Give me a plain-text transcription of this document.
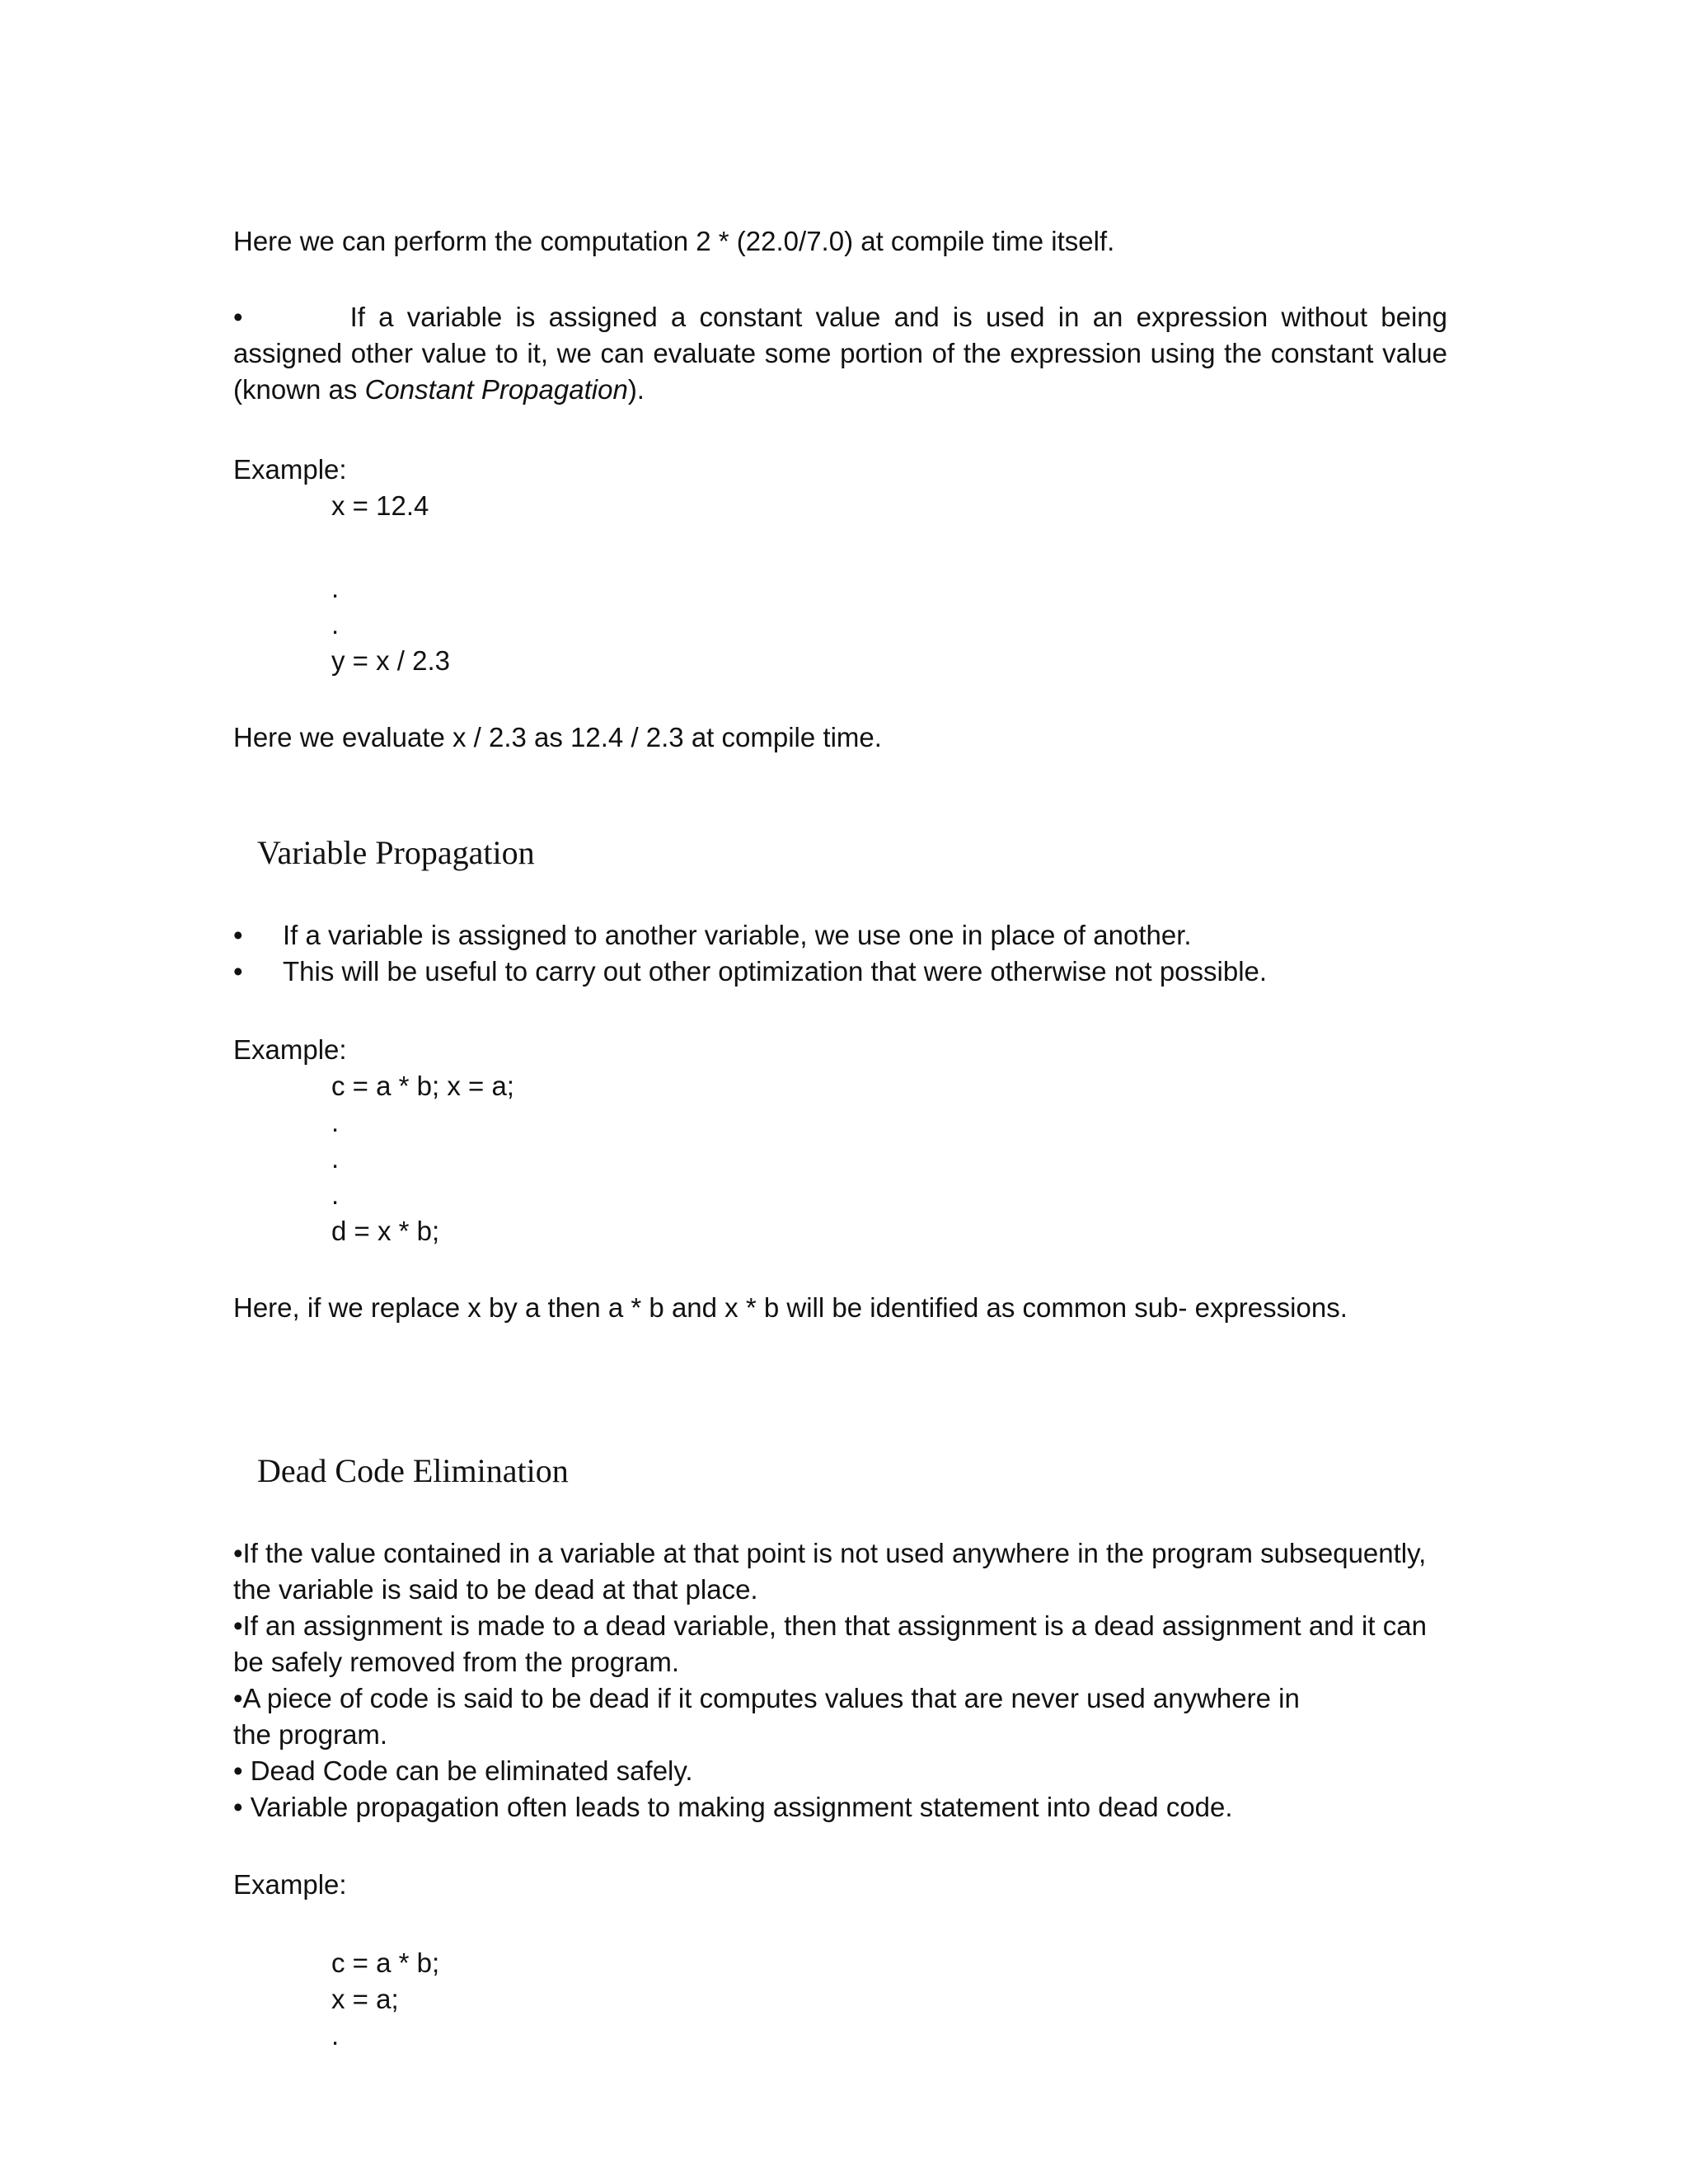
Here we can perform the computation 2 * (22.0/7.0) at compile time itself.
•	If a variable is assigned a constant value and is used in an expression without being assigned other value to it, we can evaluate some portion of the expression using the constant value (known as Constant Propagation).
Example:
x = 12.4
.
.
y = x / 2.3
Here we evaluate x / 2.3 as 12.4 / 2.3 at compile time.
Variable Propagation
• If a variable is assigned to another variable, we use one in place of another.
• This will be useful to carry out other optimization that were otherwise not possible.
Example:
c = a * b; x = a;
.
.
.
d = x * b;
Here, if we replace x by a then a * b and x * b will be identified as common sub- expressions.
Dead Code Elimination
•If the value contained in a variable at that point is not used anywhere in the program subsequently,
the variable is said to be dead at that place.
•If an assignment is made to a dead variable, then that assignment is a dead assignment and it can
be safely removed from the program.
•A piece of code is said to be dead if it computes values that are never used anywhere in
the program.
• Dead Code can be eliminated safely.
• Variable propagation often leads to making assignment statement into dead code.
Example:
c = a * b;
x = a;
.
